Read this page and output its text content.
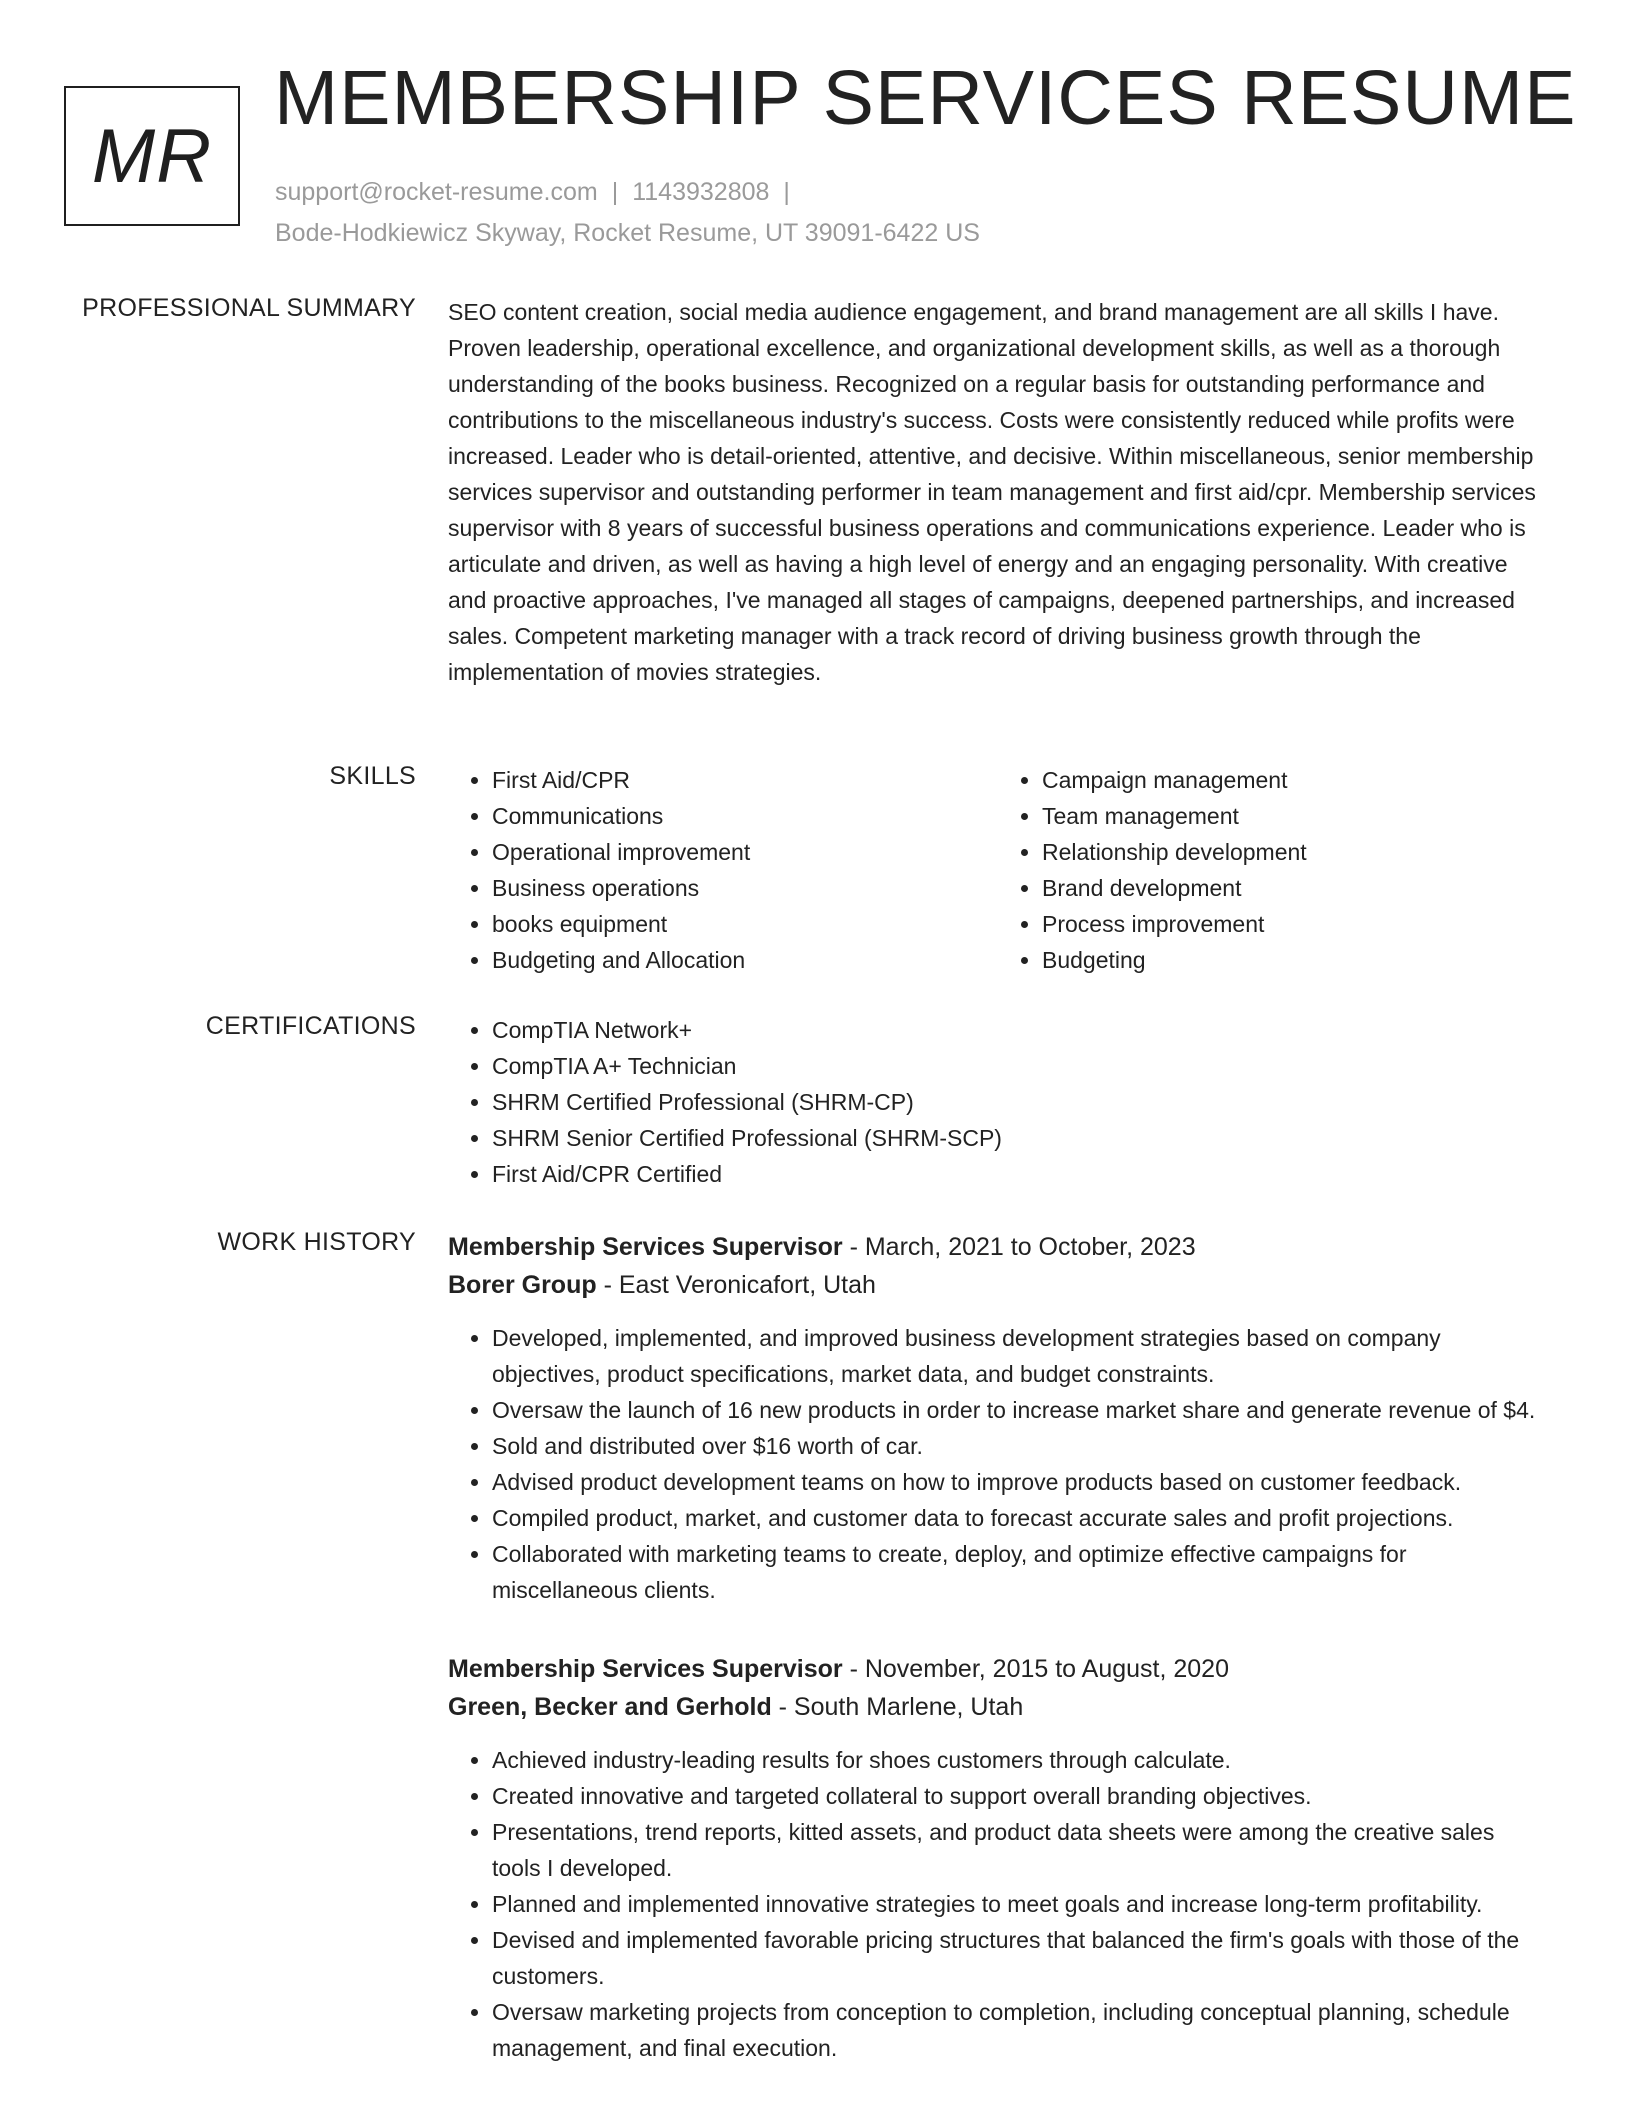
MR
MEMBERSHIP SERVICES RESUME
support@rocket-resume.com | 1143932808 |
Bode-Hodkiewicz Skyway, Rocket Resume, UT 39091-6422 US
PROFESSIONAL SUMMARY SEO content creation, social media audience engagement, and brand management are all skills I have. Proven leadership, operational excellence, and organizational development skills, as well as a thorough understanding of the books business. Recognized on a regular basis for outstanding performance and contributions to the miscellaneous industry's success. Costs were consistently reduced while profits were increased. Leader who is detail-oriented, attentive, and decisive. Within miscellaneous, senior membership services supervisor and outstanding performer in team management and first aid/cpr. Membership services supervisor with 8 years of successful business operations and communications experience. Leader who is articulate and driven, as well as having a high level of energy and an engaging personality. With creative and proactive approaches, I've managed all stages of campaigns, deepened partnerships, and increased sales. Competent marketing manager with a track record of driving business growth through the implementation of movies strategies.

SKILLS	• First Aid/CPR
• Communications
• Operational improvement
• Business operations
• books equipment
• Budgeting and Allocation
• Campaign management
• Team management
• Relationship development
• Brand development
• Process improvement
• Budgeting
CERTIFICATIONS	• CompTIA Network+
• CompTIA A+ Technician
• SHRM Certified Professional (SHRM-CP)
• SHRM Senior Certified Professional (SHRM-SCP)
• First Aid/CPR Certified
WORK HISTORY Membership Services Supervisor - March, 2021 to October, 2023
Borer Group - East Veronicafort, Utah
• Developed, implemented, and improved business development strategies based on company objectives, product specifications, market data, and budget constraints.
• Oversaw the launch of 16 new products in order to increase market share and generate revenue of $4.
• Sold and distributed over $16 worth of car.
• Advised product development teams on how to improve products based on customer feedback.
• Compiled product, market, and customer data to forecast accurate sales and profit projections.
• Collaborated with marketing teams to create, deploy, and optimize effective campaigns for miscellaneous clients.
Membership Services Supervisor - November, 2015 to August, 2020
Green, Becker and Gerhold - South Marlene, Utah
• Achieved industry-leading results for shoes customers through calculate.
• Created innovative and targeted collateral to support overall branding objectives.
• Presentations, trend reports, kitted assets, and product data sheets were among the creative sales tools I developed.
• Planned and implemented innovative strategies to meet goals and increase long-term profitability.
• Devised and implemented favorable pricing structures that balanced the firm's goals with those of the customers.
• Oversaw marketing projects from conception to completion, including conceptual planning, schedule management, and final execution.
